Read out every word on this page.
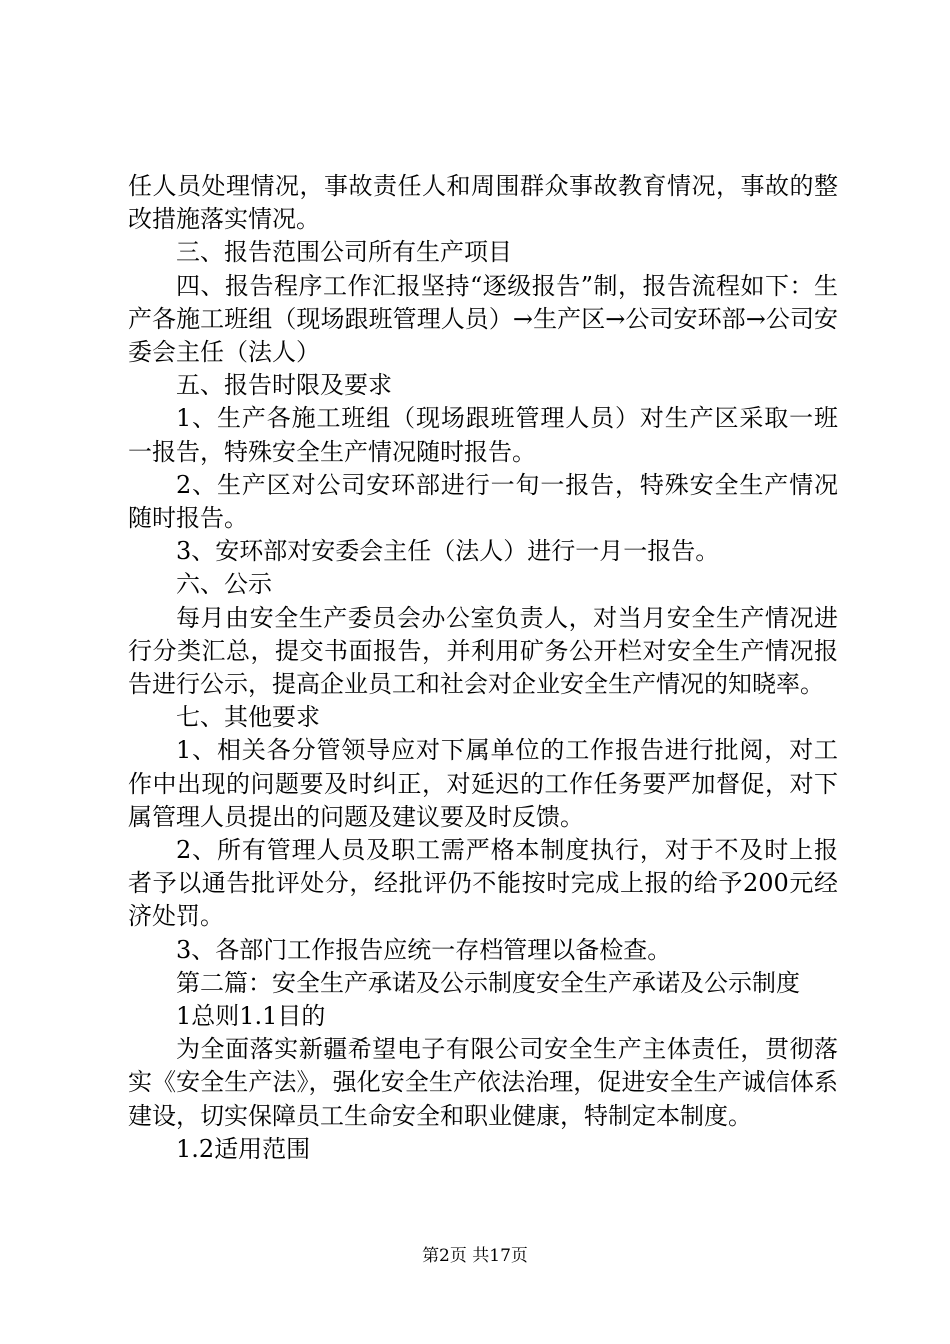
任人员处理情况，事故责任人和周围群众事故教育情况，事故的整改措施落实情况。

三、报告范围公司所有生产项目

四、报告程序工作汇报坚持“逐级报告”制，报告流程如下：生产各施工班组（现场跟班管理人员）→生产区→公司安环部→公司安委会主任（法人）

五、报告时限及要求

1、生产各施工班组（现场跟班管理人员）对生产区采取一班一报告，特殊安全生产情况随时报告。

2、生产区对公司安环部进行一旬一报告，特殊安全生产情况随时报告。

3、安环部对安委会主任（法人）进行一月一报告。

六、公示

每月由安全生产委员会办公室负责人，对当月安全生产情况进行分类汇总，提交书面报告，并利用矿务公开栏对安全生产情况报告进行公示，提高企业员工和社会对企业安全生产情况的知晓率。

七、其他要求

1、相关各分管领导应对下属单位的工作报告进行批阅，对工作中出现的问题要及时纠正，对延迟的工作任务要严加督促，对下属管理人员提出的问题及建议要及时反馈。

2、所有管理人员及职工需严格本制度执行，对于不及时上报者予以通告批评处分，经批评仍不能按时完成上报的给予200元经济处罚。

3、各部门工作报告应统一存档管理以备检查。

第二篇：安全生产承诺及公示制度安全生产承诺及公示制度

1总则1.1目的

为全面落实新疆希望电子有限公司安全生产主体责任，贯彻落实《安全生产法》，强化安全生产依法治理，促进安全生产诚信体系建设，切实保障员工生命安全和职业健康，特制定本制度。

1.2适用范围

第2页 共17页
